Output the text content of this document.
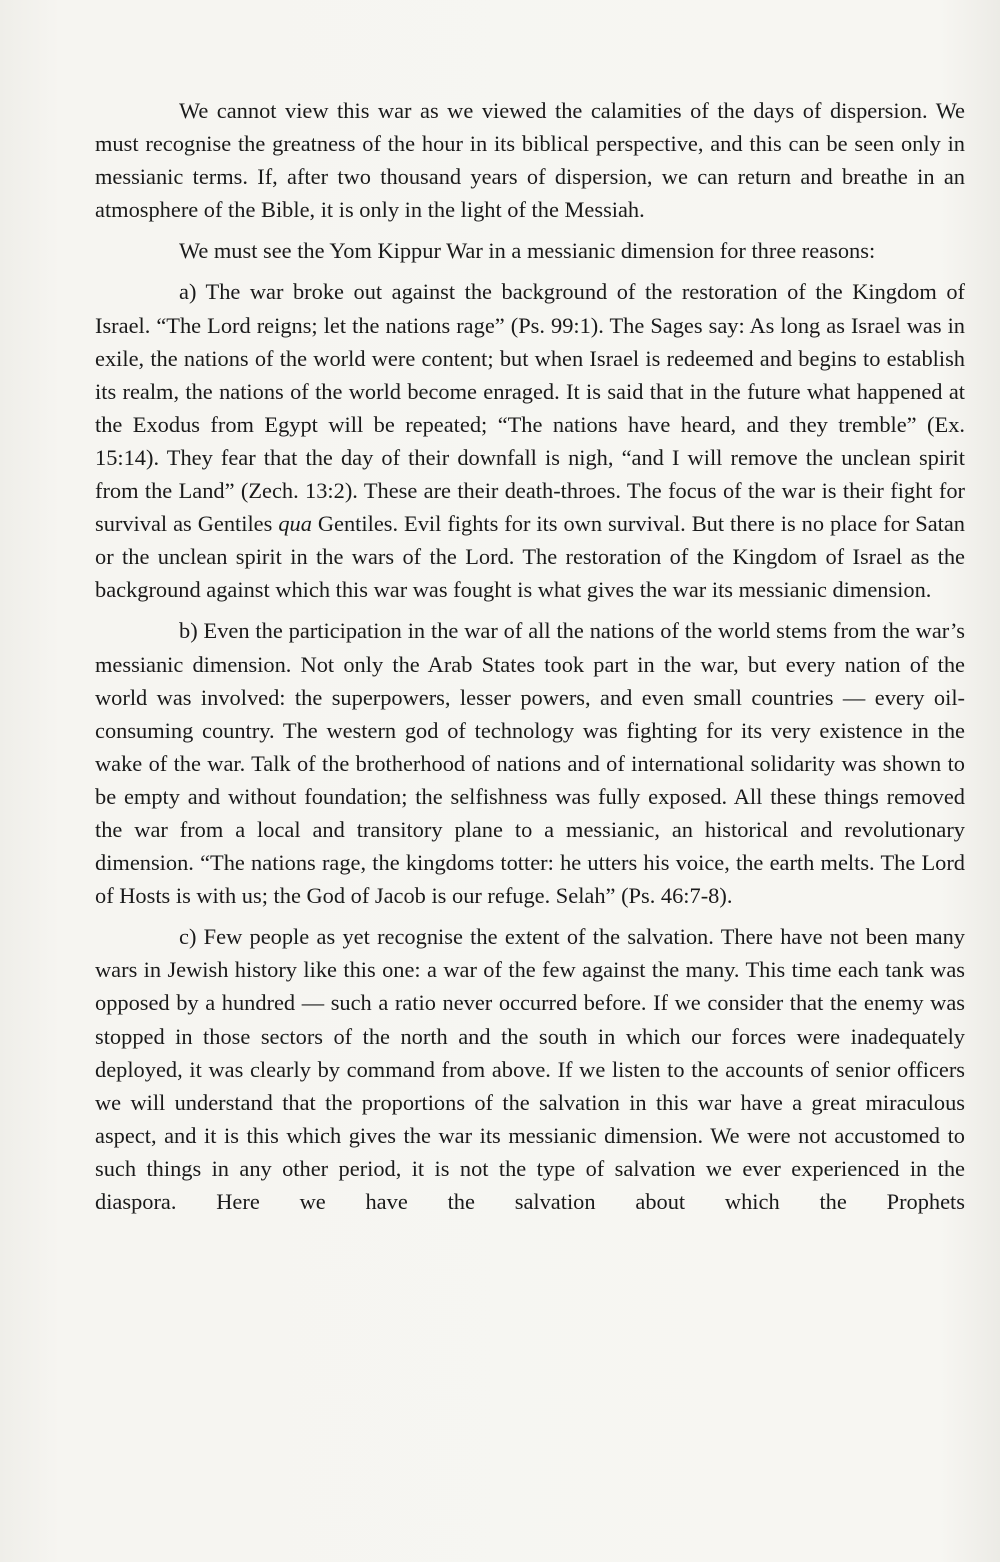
We cannot view this war as we viewed the calamities of the days of dispersion. We must recognise the greatness of the hour in its biblical perspective, and this can be seen only in messianic terms. If, after two thousand years of dispersion, we can return and breathe in an atmosphere of the Bible, it is only in the light of the Messiah.

We must see the Yom Kippur War in a messianic dimension for three reasons:

a) The war broke out against the background of the restoration of the Kingdom of Israel. “The Lord reigns; let the nations rage” (Ps. 99:1). The Sages say: As long as Israel was in exile, the nations of the world were content; but when Israel is redeemed and begins to establish its realm, the nations of the world become enraged. It is said that in the future what happened at the Exodus from Egypt will be repeated; “The nations have heard, and they tremble” (Ex. 15:14). They fear that the day of their downfall is nigh, “and I will remove the unclean spirit from the Land” (Zech. 13:2). These are their death-throes. The focus of the war is their fight for survival as Gentiles qua Gentiles. Evil fights for its own survival. But there is no place for Satan or the unclean spirit in the wars of the Lord. The restoration of the Kingdom of Israel as the background against which this war was fought is what gives the war its messianic dimension.

b) Even the participation in the war of all the nations of the world stems from the war’s messianic dimension. Not only the Arab States took part in the war, but every nation of the world was involved: the superpowers, lesser powers, and even small countries — every oil-consuming country. The western god of technology was fighting for its very existence in the wake of the war. Talk of the brotherhood of nations and of international solidarity was shown to be empty and without foundation; the selfishness was fully exposed. All these things removed the war from a local and transitory plane to a messianic, an historical and revolutionary dimension. “The nations rage, the kingdoms totter: he utters his voice, the earth melts. The Lord of Hosts is with us; the God of Jacob is our refuge. Selah” (Ps. 46:7-8).

c) Few people as yet recognise the extent of the salvation. There have not been many wars in Jewish history like this one: a war of the few against the many. This time each tank was opposed by a hundred — such a ratio never occurred before. If we consider that the enemy was stopped in those sectors of the north and the south in which our forces were inadequately deployed, it was clearly by command from above. If we listen to the accounts of senior officers we will understand that the proportions of the salvation in this war have a great miraculous aspect, and it is this which gives the war its messianic dimension. We were not accustomed to such things in any other period, it is not the type of salvation we ever experienced in the diaspora. Here we have the salvation about which the Prophets
